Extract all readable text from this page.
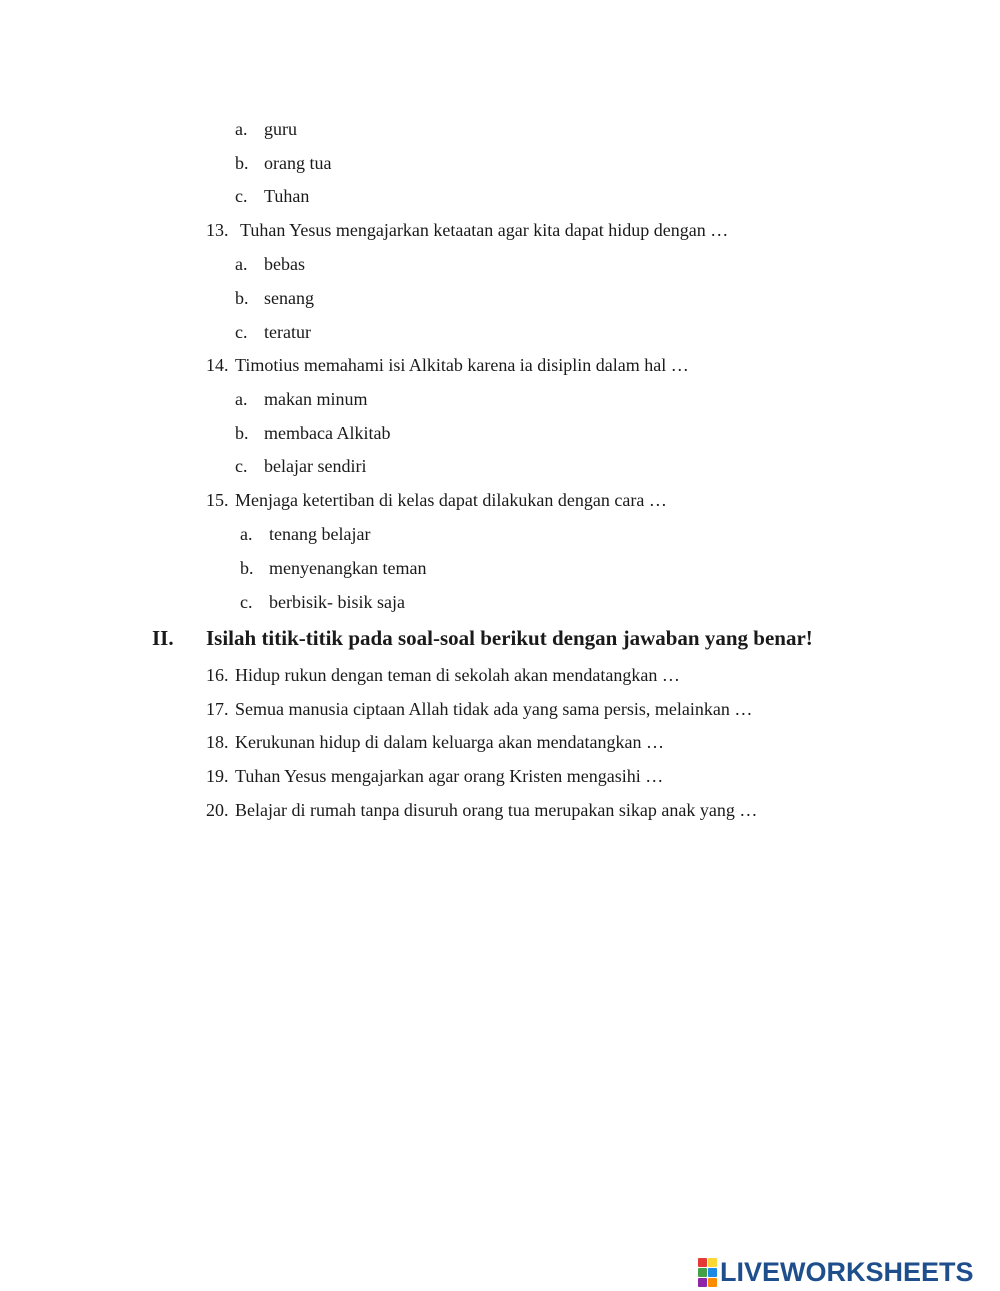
a. guru
b. orang tua
c. Tuhan
13. Tuhan Yesus mengajarkan ketaatan agar kita dapat hidup dengan …
a. bebas
b. senang
c. teratur
14. Timotius memahami isi Alkitab karena ia disiplin dalam hal …
a. makan minum
b. membaca Alkitab
c. belajar sendiri
15. Menjaga ketertiban di kelas dapat dilakukan dengan cara …
a. tenang belajar
b. menyenangkan teman
c. berbisik- bisik saja
II. Isilah titik-titik pada soal-soal berikut dengan jawaban yang benar!
16. Hidup rukun dengan teman di sekolah akan mendatangkan …
17. Semua manusia ciptaan Allah tidak ada yang sama persis, melainkan …
18. Kerukunan hidup di dalam keluarga akan mendatangkan …
19. Tuhan Yesus mengajarkan agar orang Kristen mengasihi …
20. Belajar di rumah tanpa disuruh orang tua merupakan sikap anak yang …
LIVEWORKSHEETS
